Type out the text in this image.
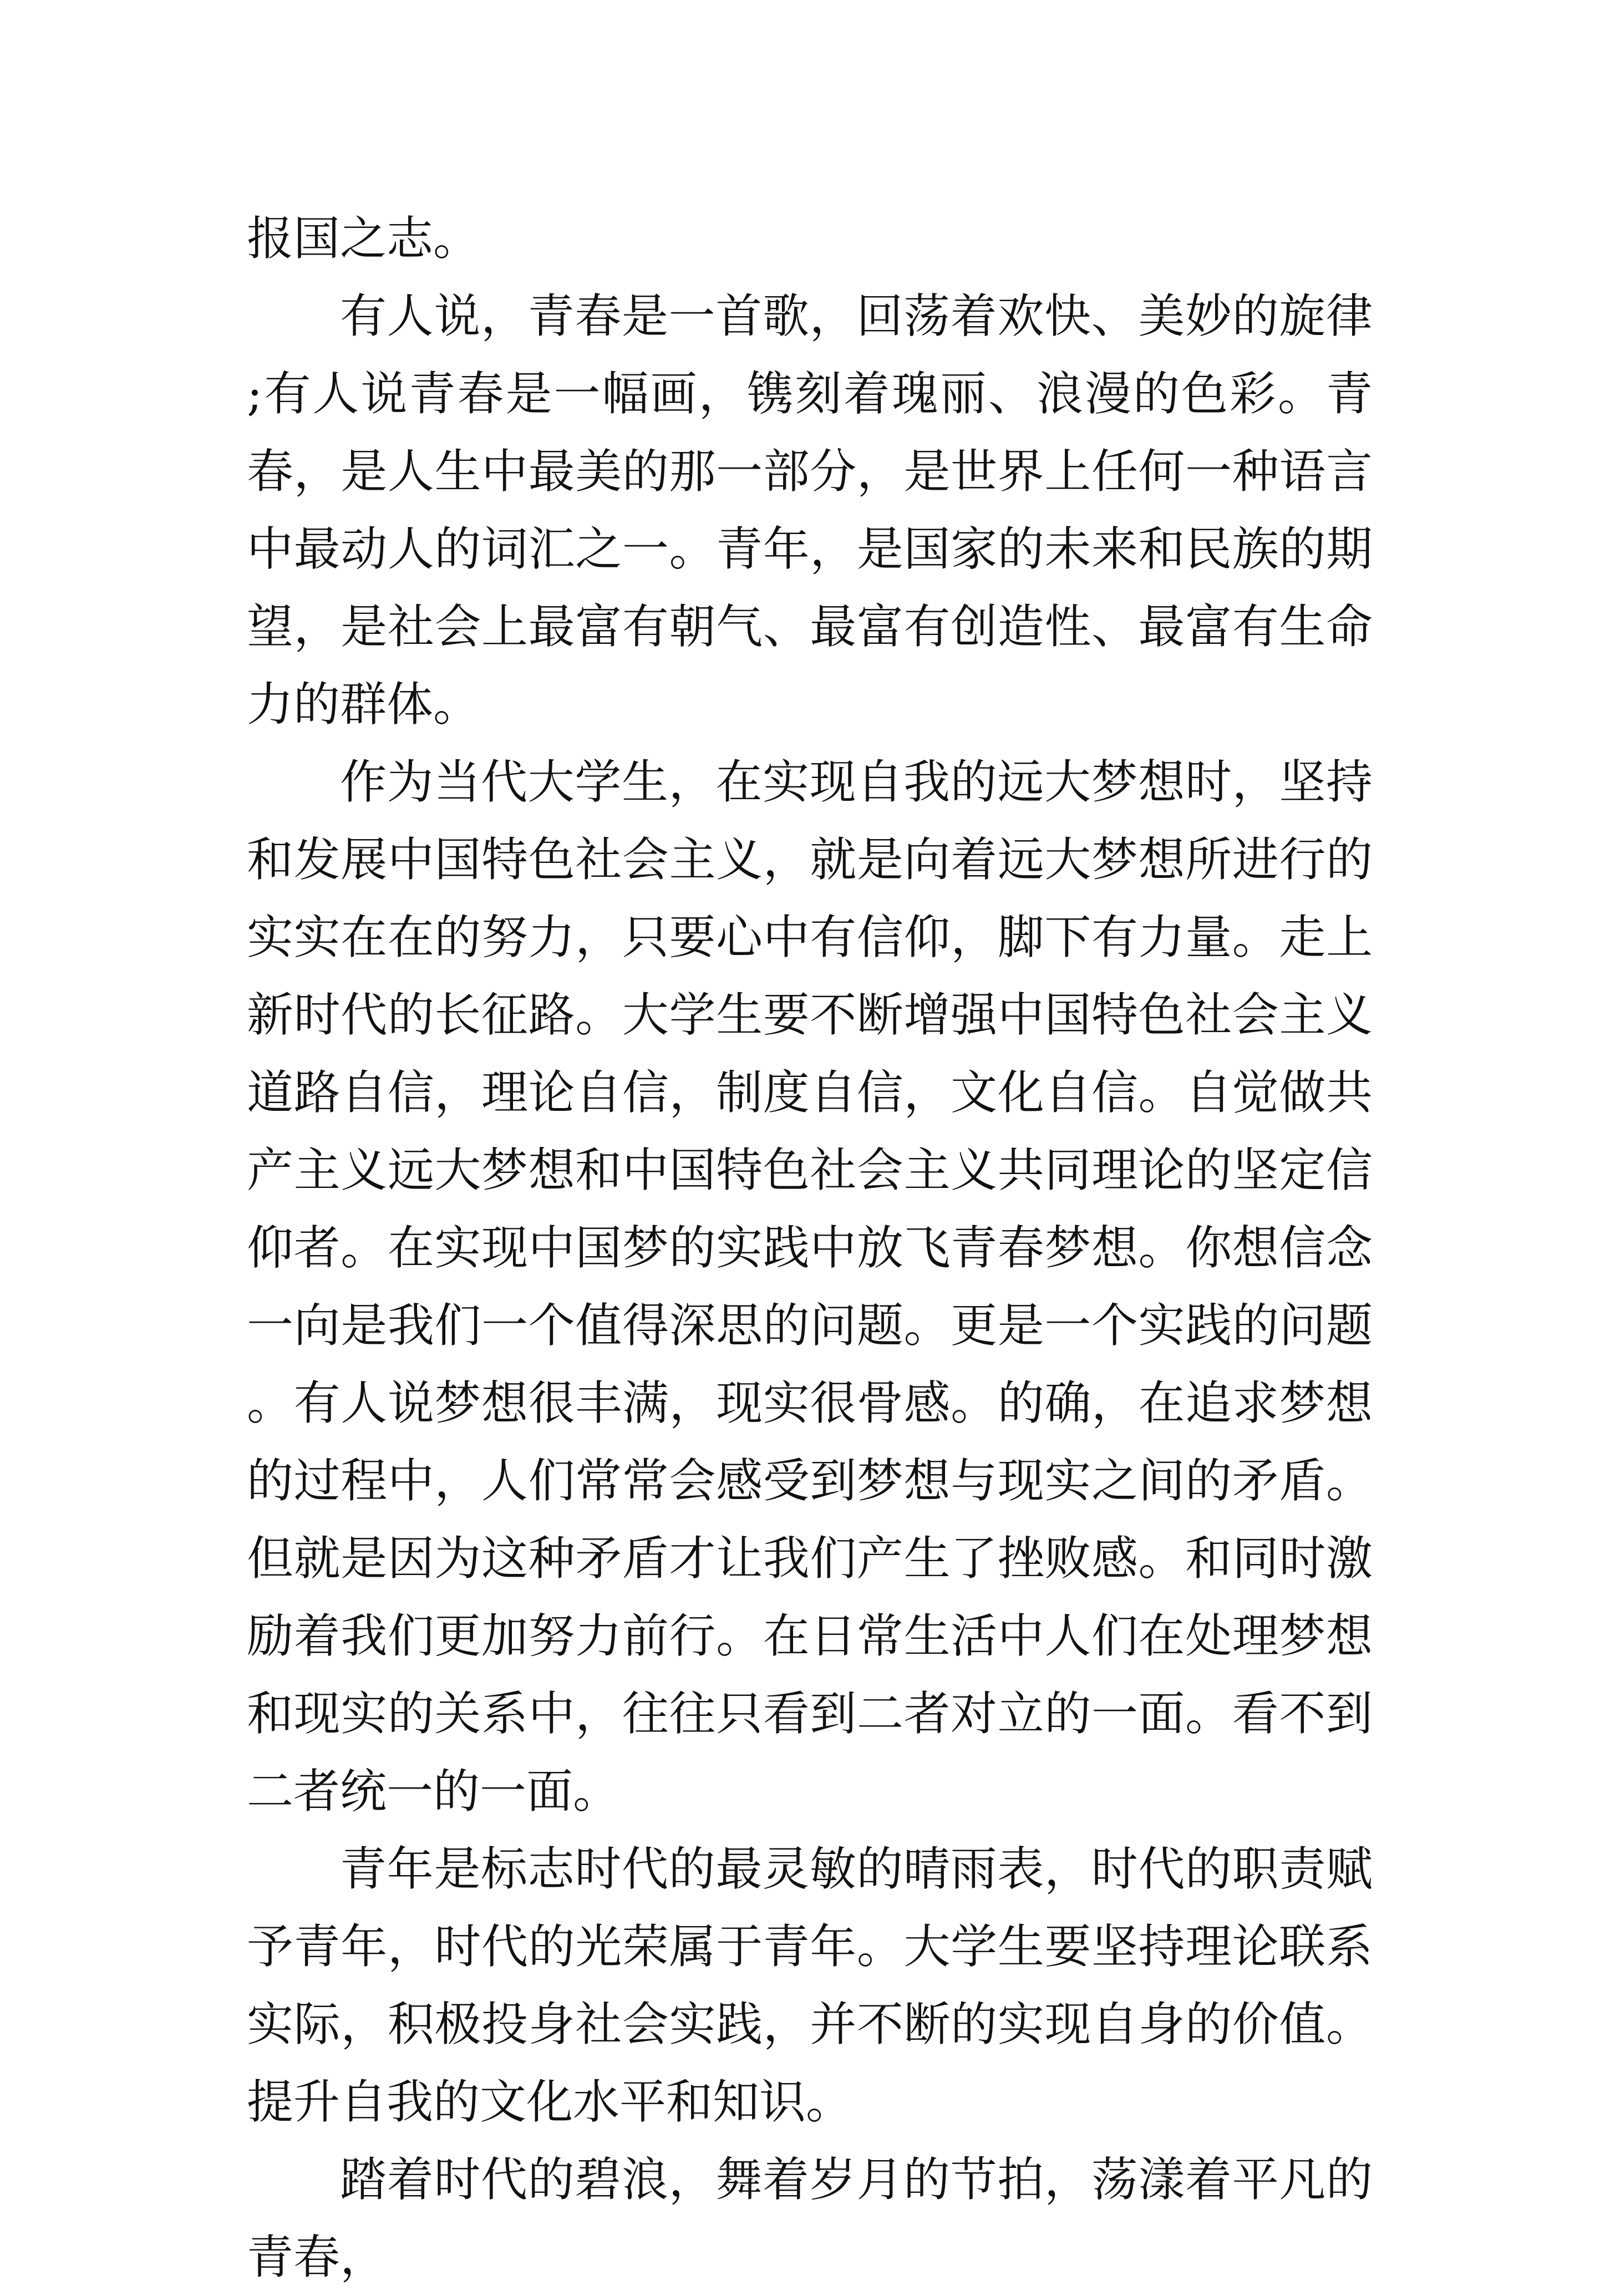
报国之志。

有人说，青春是一首歌，回荡着欢快、美妙的旋律;有人说青春是一幅画，镌刻着瑰丽、浪漫的色彩。青春，是人生中最美的那一部分，是世界上任何一种语言中最动人的词汇之一。青年，是国家的未来和民族的期望，是社会上最富有朝气、最富有创造性、最富有生命力的群体。

作为当代大学生，在实现自我的远大梦想时，坚持和发展中国特色社会主义，就是向着远大梦想所进行的实实在在的努力，只要心中有信仰，脚下有力量。走上新时代的长征路。大学生要不断增强中国特色社会主义道路自信，理论自信，制度自信，文化自信。自觉做共产主义远大梦想和中国特色社会主义共同理论的坚定信仰者。在实现中国梦的实践中放飞青春梦想。你想信念一向是我们一个值得深思的问题。更是一个实践的问题。有人说梦想很丰满，现实很骨感。的确，在追求梦想的过程中，人们常常会感受到梦想与现实之间的矛盾。但就是因为这种矛盾才让我们产生了挫败感。和同时激励着我们更加努力前行。在日常生活中人们在处理梦想和现实的关系中，往往只看到二者对立的一面。看不到二者统一的一面。

青年是标志时代的最灵敏的晴雨表，时代的职责赋予青年，时代的光荣属于青年。大学生要坚持理论联系实际，积极投身社会实践，并不断的实现自身的价值。提升自我的文化水平和知识。

踏着时代的碧浪，舞着岁月的节拍，荡漾着平凡的青春，
